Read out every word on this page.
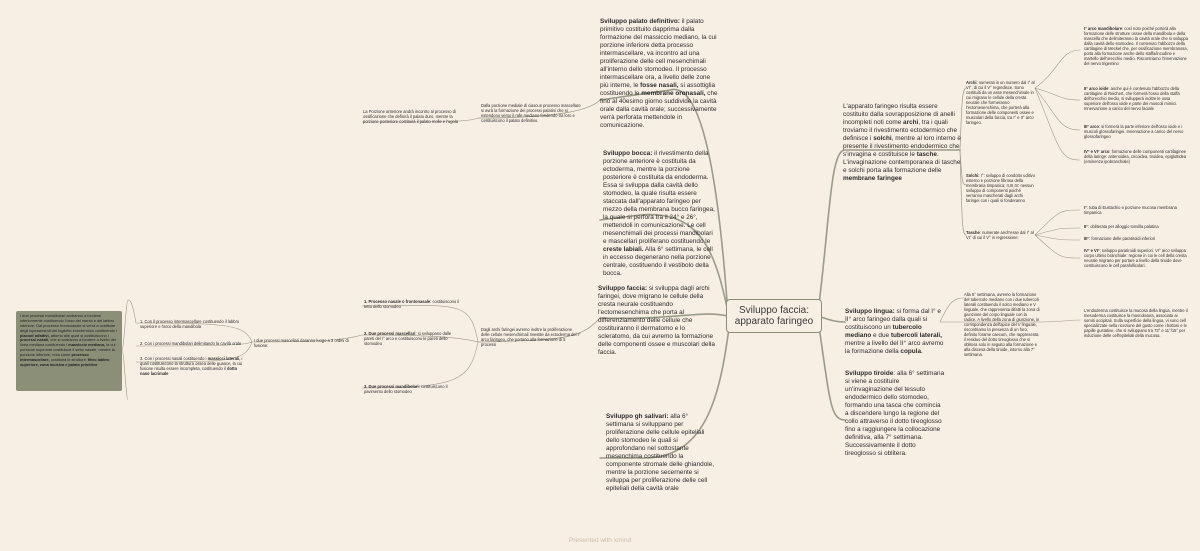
Sviluppo faccia: apparato faringeo
Sviluppo palato definitivo: il palato primitivo costituito dapprima dalla formazione del massiccio mediano, la cui porzione inferiore detta processo intermascellare, va incontro ad una proliferazione delle cell mesenchimali all'interno dello stomodeo. Il processo intermascellare ora, a livello delle zone più interne, le fosse nasali, si assottiglia costituendo le membrane oronasali, che fino al 40esimo giorno suddivide la cavità orale dalla cavità orale; successivamente verrà perforata mettendole in comunicazione.
Dalla porzione mediale di ciascun processo mascellare si avrà la formazione dei processi palatini che si estendono verso il rafe mediano fondendo tra loro e costituiscono il palato definitivo.
La Porzione anteriore andrà incontro al processo di ossificazione che definirà il palato duro, mentre la porzione posteriore costituirà il palato molle e l'ugola
Sviluppo bocca: il rivestimento della porzione anteriore è costituita da ectoderma, mentre la porzione posteriore è costituita da endoderma. Essa si sviluppa dalla cavità dello stomodeo, la quale risulta essere staccata dall'apparato faringeo per mezzo della membrana bucco faringea, la quale si perfora tra il 24° e 26°, mettendoli in comunicazione. Le cell mesenchimali dei processi mandibolari e mascellari proliferano costituendo le creste labiali. Alla 6° settimana, le cell in eccesso degenerano nella porzione centrale, costituendo il vestibolo della bocca.
Sviluppo faccia: si sviluppa dagli archi faringei, dove migrano le cellule della cresta neurale costituendo l'ectomesenchima che porta al differenziamento delle cellule che costituiranno il dermatomo e lo scleratomo, da cui avremo la formazione delle componenti ossee e muscolari della faccia.
Dagli archi faringei avremo inoltre la proliferazione delle cellule mesenchimali rivestite da ectoderma del I° arco faringeo, che portano alla formazione di 5 processi
1. Processo nasale o frontonasale: costituiscono il tetto dello stomodeo
2. Due processi mascellari: si sviluppano dalle pareti del I° arco e costituiscono le pareti dello stomodeo
3. Due processi mandibolari: costituiscono il pavimento dello stomodeo
I due processi mascellari daranno luogo a 3 ordini di fusione:
1. Con il processo intermascellare costituendo il labbro superiore e l'arco della mandibola
2. Con i processi mandibolari delimitando la cavità orale
3. Con i processi nasali costituendo i massicci laterali, i quali costituiscono la struttura ossea delle guance, la cui fusione risulta essere incompleta, costituendo il dotto naso lacrimale
I due processi mandibolari andranno a fondersi inferiormente costituendo l'osso del mento e del labbro inferiore. Dal processo frontonasale si verrà a costituire degli ispessimenti del foglietto ectodermico costituendo i placodi olfattivi, attorno alle quali si costituiscono i processi nasali, che si andranno a fondere a livello del linea mediana costituendo i massiccio mediano, la cui porzione superiore costituisce il setto nasale, mentre la porzione inferiore, nota come processo intermascellare, costituirà le strutture: filtro labbro superiore, zona incisiva e palato primitivo
Sviluppo gh salivari: alla 6° settimana si sviluppano per proliferazione delle cellule epiteliali dello stomodeo le quali si approfondano nel sottostante mesenchima costituendo la componente stromale delle ghiandole, mentre la porzione secernente si sviluppa per proliferazione delle cell epiteliali della cavità orale
L'apparato faringeo risulta essere costituito dalla sovrapposizione di anelli incompleti noti come archi, tra i quali troviamo il rivestimento ectodermico che definisce i solchi, mentre al loro interno è presente il rivestimento endodermico che s'invagina e costituisce le tasche. L'invaginazione contemporanea di tasche e solchi porta alla formazione delle membrane faringee
Archi: numerati in un numero dal I° al VI°, di cui il V° regredisce. Sono costituiti da un asse mesenchimale in cui migrano le cellule della cresta neurale che formeranno l'ectomesenchima, che porterà alla formazione delle componenti ossee e muscolari della faccia, tra I° e II° arco faringeo.
Solchi: I°: sviluppo di condotto uditivo esterno e porzione fibrosa della membrana timpanica; II,III,IV: nessun sviluppo di componenti poiché verranno mascherati dagli archi faringei con i quali si fonderanno
Tasche: numerate anch'esse dal I° al VI° di cui il V° in regressione:
I° arco mandibolare: così noto poiché porterà alla formazione delle strutture ossee della mandibola e della mascella che delimiteranno la cavità orale che si sviluppa dalla cavità dello stomodeo. Il contenuto l'abbozzo della cartilagine di Meckel che, per ossificazione membranosa, porta alla formazione anche dello staffa/incudine e martello dell'orecchio medio. Riscontriamo l'innervazione del nervo trigemino
II° arco ioide: anche qui è contenuto l'abbozzo della cartilagine di Reichert, che formerà l'osso della staffa dell'orecchio medio, si svilupperà inoltre le ossa superiore dell'osso ioide e parte dei muscoli mimici. Innervazione a carico del nervo faciale
III° arco: si formerà la parte inferiore dell'osso ioide e i muscoli glossofaringei. Innervazione a carico del nervo glossofaringeo
IV° e VI° arco: formazione delle componenti cartilaginee della laringe: aritenoidea, cricoidea, tiroidea, epiglottidea (eminenza ipobranchiale)
I°: tuba di Eustachio e porzione mucosa membrana timpanica
II°: obliterata per alloggio tonsilla palatina
III°: formazione delle paratiroidi inferiori
IV° e VI°: sviluppo paratiroidi superiori. VI° arco sviluppa corpo ultimo branchiale: regione in cui le cell della cresta neurale migrano per portare a livello della tiroide dove costituiscono le cell parafollicolari.
Sviluppo lingua: si forma dal I° e II° arco faringeo dalla quali si costituiscono un tubercolo mediano e due tubercoli laterali, mentre a livello del II° arco avremo la formazione della copula.
Alla 5° settimana, avremo la formazione del tubercolo mediano con i due tubercoli laterali costituendo il solco mediano e V linguale, che rappresenta difatti la zona di giunzione del corpo linguale con la radice. A livello della zona di giunzione, in corrispondenza dell'apice del V linguale, riscontriamo la presenza di un foro, definito forame caecum, che rappresenta il residuo del dotto tireoglosso che si oblitera solo in seguito alla formazione e alla discesa della tiroide, intorno alla 7° settimana.
L'endoderma costituisce la mucosa della lingua, mentre il mesoderma costituisce la muscolatura, associata ai somiti occipitali. Sulla superficie della lingua, vi sono cell specializzate nella ricezione del gusto come i bottoni e le papille gustative, che si sviluppano tra 73° e 11°/15° per induzione delle cell'epiteliali della mucosa.
Sviluppo tiroide: alla 6° settimana si viene a costituire un'invaginazione del tessuto endodermico dello stomodeo, formando una tasca che comincia a discendere lungo la regione del collo attraverso il dotto tireoglosso fino a raggiungere la collocazione definitiva, alla 7° settimana. Successivamente il dotto tireoglosso si oblitera.
Presented with xmind
